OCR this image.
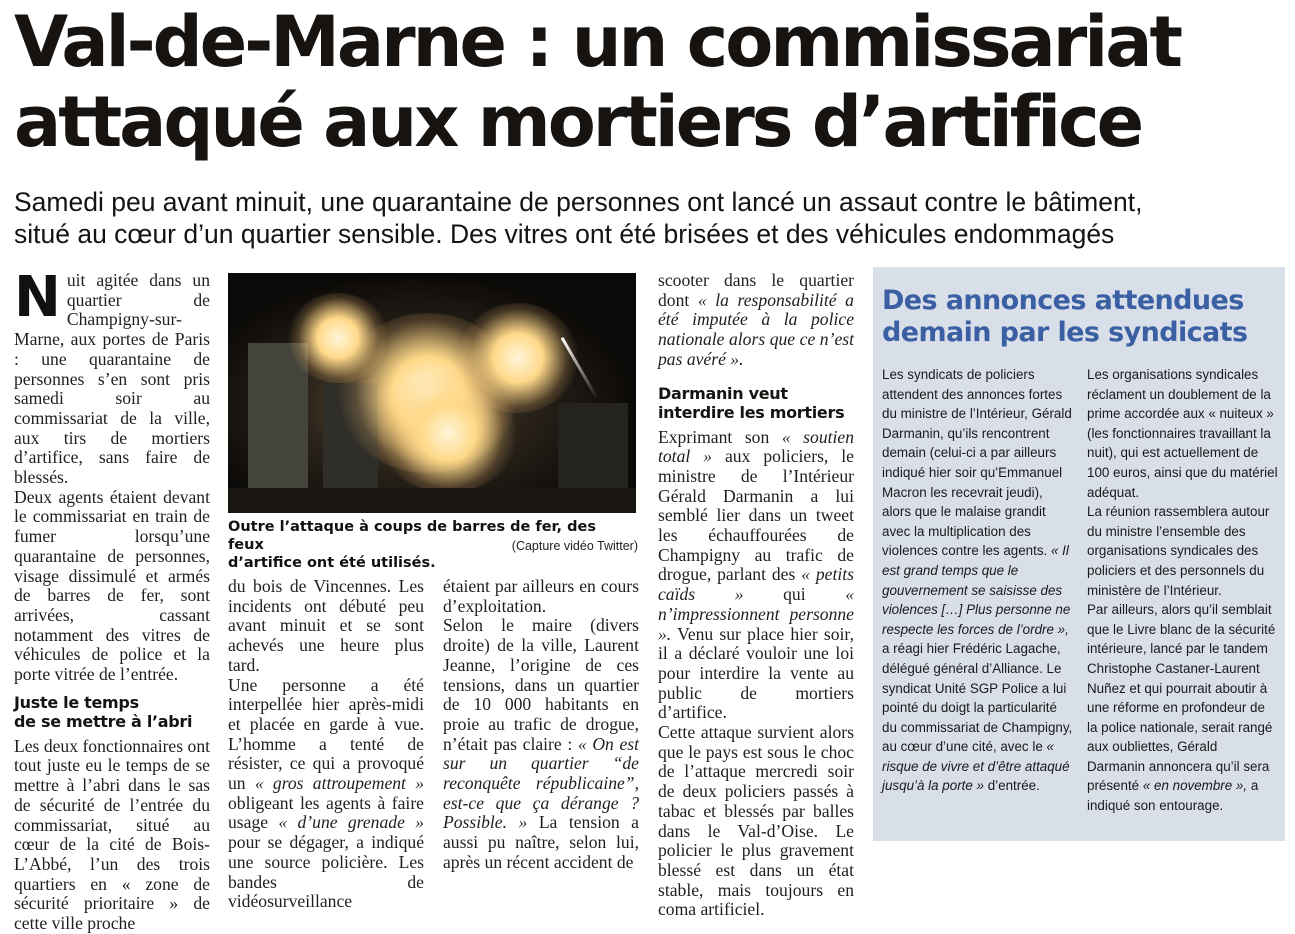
Val-de-Marne : un commissariat
attaqué aux mortiers d’artifice

Samedi peu avant minuit, une quarantaine de personnes ont lancé un assaut contre le bâtiment,
situé au cœur d’un quartier sensible. Des vitres ont été brisées et des véhicules endommagés

Nuit agitée dans un quartier de Champigny-sur-Marne, aux portes de Paris : une quarantaine de personnes s’en sont pris samedi soir au commissariat de la ville, aux tirs de mortiers d’artifice, sans faire de blessés.

Deux agents étaient devant le commissariat en train de fumer lorsqu’une quarantaine de personnes, visage dissimulé et armés de barres de fer, sont arrivées, cassant notamment des vitres de véhicules de police et la porte vitrée de l’entrée.

Juste le temps
de se mettre à l’abri

Les deux fonctionnaires ont tout juste eu le temps de se mettre à l’abri dans le sas de sécurité de l’entrée du commissariat, situé au cœur de la cité de Bois-L’Abbé, l’un des trois quartiers en « zone de sécurité prioritaire » de cette ville proche

Outre l’attaque à coups de barres de fer, des feux
d’artifice ont été utilisés.

(Capture vidéo Twitter)

du bois de Vincennes. Les incidents ont débuté peu avant minuit et se sont achevés une heure plus tard.

Une personne a été interpellée hier après-midi et placée en garde à vue. L’homme a tenté de résister, ce qui a provoqué un « gros attroupement » obligeant les agents à faire usage « d’une grenade » pour se dégager, a indiqué une source policière. Les bandes de vidéosurveillance

étaient par ailleurs en cours d’exploitation.

Selon le maire (divers droite) de la ville, Laurent Jeanne, l’origine de ces tensions, dans un quartier de 10 000 habitants en proie au trafic de drogue, n’était pas claire : « On est sur un quartier “de reconquête républicaine”, est-ce que ça dérange ? Possible. » La tension a aussi pu naître, selon lui, après un récent accident de

scooter dans le quartier dont « la responsabilité a été imputée à la police nationale alors que ce n’est pas avéré ».

Darmanin veut
interdire les mortiers

Exprimant son « soutien total » aux policiers, le ministre de l’Intérieur Gérald Darmanin a lui semblé lier dans un tweet les échauffourées de Champigny au trafic de drogue, parlant des « petits caïds » qui « n’impressionnent personne ». Venu sur place hier soir, il a déclaré vouloir une loi pour interdire la vente au public de mortiers d’artifice.

Cette attaque survient alors que le pays est sous le choc de l’attaque mercredi soir de deux policiers passés à tabac et blessés par balles dans le Val-d’Oise. Le policier le plus gravement blessé est dans un état stable, mais toujours en coma artificiel.

Des annonces attendues
demain par les syndicats

Les syndicats de policiers attendent des annonces fortes du ministre de l’Intérieur, Gérald Darmanin, qu’ils rencontrent demain (celui-ci a par ailleurs indiqué hier soir qu’Emmanuel Macron les recevrait jeudi), alors que le malaise grandit avec la multiplication des violences contre les agents. « Il est grand temps que le gouvernement se saisisse des violences […] Plus personne ne respecte les forces de l’ordre », a réagi hier Frédéric Lagache, délégué général d’Alliance. Le syndicat Unité SGP Police a lui pointé du doigt la particularité du commissariat de Champigny, au cœur d’une cité, avec le « risque de vivre et d’être attaqué jusqu’à la porte » d’entrée.

Les organisations syndicales réclament un doublement de la prime accordée aux « nuiteux » (les fonctionnaires travaillant la nuit), qui est actuellement de 100 euros, ainsi que du matériel adéquat.

La réunion rassemblera autour du ministre l’ensemble des organisations syndicales des policiers et des personnels du ministère de l’Intérieur.

Par ailleurs, alors qu’il semblait que le Livre blanc de la sécurité intérieure, lancé par le tandem Christophe Castaner-Laurent Nuñez et qui pourrait aboutir à une réforme en profondeur de la police nationale, serait rangé aux oubliettes, Gérald Darmanin annoncera qu’il sera présenté « en novembre », a indiqué son entourage.
